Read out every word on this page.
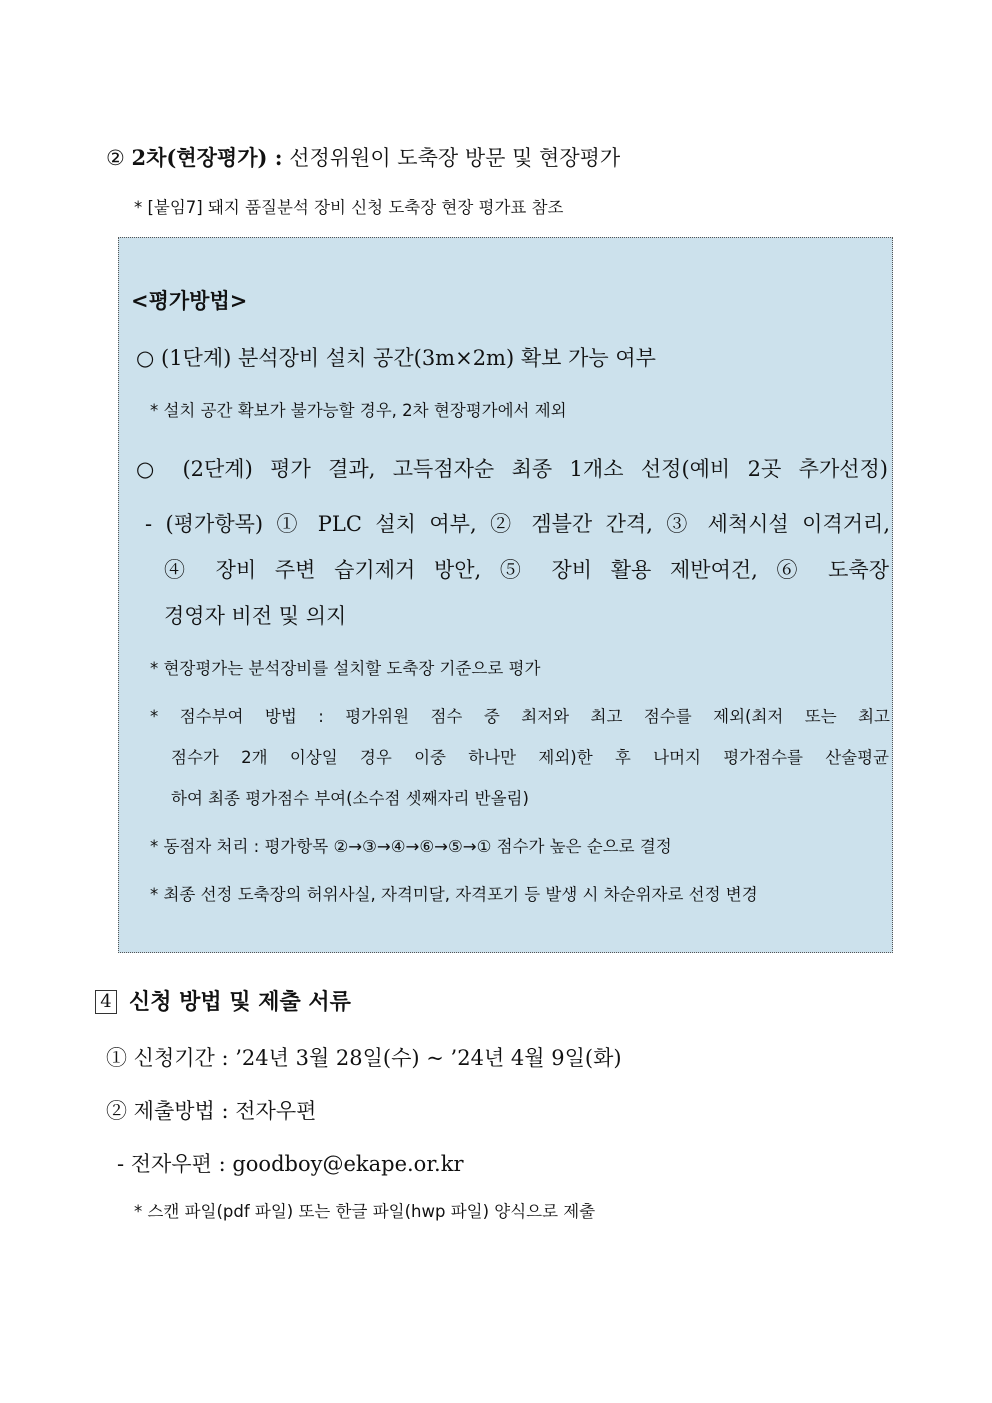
② 2차(현장평가) : 선정위원이 도축장 방문 및 현장평가
* [붙임7] 돼지 품질분석 장비 신청 도축장 현장 평가표 참조
<평가방법>
○ (1단계) 분석장비 설치 공간(3m×2m) 확보 가능 여부
* 설치 공간 확보가 불가능할 경우, 2차 현장평가에서 제외
○ (2단계) 평가 결과, 고득점자순 최종 1개소 선정(예비 2곳 추가선정)
- (평가항목) ① PLC 설치 여부, ② 겜블간 간격, ③ 세척시설 이격거리,
④ 장비 주변 습기제거 방안, ⑤ 장비 활용 제반여건, ⑥ 도축장
경영자 비전 및 의지
* 현장평가는 분석장비를 설치할 도축장 기준으로 평가
* 점수부여 방법 : 평가위원 점수 중 최저와 최고 점수를 제외(최저 또는 최고
점수가 2개 이상일 경우 이중 하나만 제외)한 후 나머지 평가점수를 산술평균
하여 최종 평가점수 부여(소수점 셋째자리 반올림)
* 동점자 처리 : 평가항목 ②→③→④→⑥→⑤→① 점수가 높은 순으로 결정
* 최종 선정 도축장의 허위사실, 자격미달, 자격포기 등 발생 시 차순위자로 선정 변경
4 신청 방법 및 제출 서류
① 신청기간 : ’24년 3월 28일(수) ~ ’24년 4월 9일(화)
② 제출방법 : 전자우편
- 전자우편 : goodboy@ekape.or.kr
* 스캔 파일(pdf 파일) 또는 한글 파일(hwp 파일) 양식으로 제출
